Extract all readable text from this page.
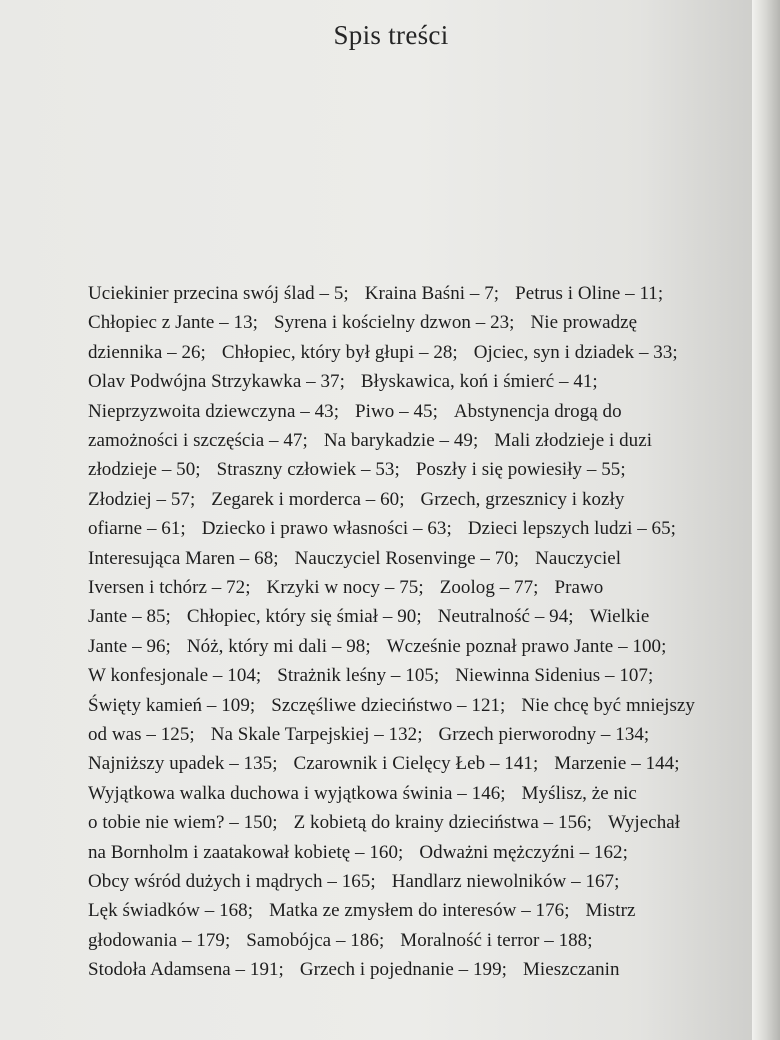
Spis treści
Uciekinier przecina swój ślad – 5; Kraina Baśni – 7; Petrus i Oline – 11;
Chłopiec z Jante – 13; Syrena i kościelny dzwon – 23; Nie prowadzę
dziennika – 26; Chłopiec, który był głupi – 28; Ojciec, syn i dziadek – 33;
Olav Podwójna Strzykawka – 37; Błyskawica, koń i śmierć – 41;
Nieprzyzwoita dziewczyna – 43; Piwo – 45; Abstynencja drogą do
zamożności i szczęścia – 47; Na barykadzie – 49; Mali złodzieje i duzi
złodzieje – 50; Straszny człowiek – 53; Poszły i się powiesiły – 55;
Złodziej – 57; Zegarek i morderca – 60; Grzech, grzesznicy i kozły
ofiarne – 61; Dziecko i prawo własności – 63; Dzieci lepszych ludzi – 65;
Interesująca Maren – 68; Nauczyciel Rosenvinge – 70; Nauczyciel
Iversen i tchórz – 72; Krzyki w nocy – 75; Zoolog – 77; Prawo
Jante – 85; Chłopiec, który się śmiał – 90; Neutralność – 94; Wielkie
Jante – 96; Nóż, który mi dali – 98; Wcześnie poznał prawo Jante – 100;
W konfesjonale – 104; Strażnik leśny – 105; Niewinna Sidenius – 107;
Święty kamień – 109; Szczęśliwe dzieciństwo – 121; Nie chcę być mniejszy
od was – 125; Na Skale Tarpejskiej – 132; Grzech pierworodny – 134;
Najniższy upadek – 135; Czarownik i Cielęcy Łeb – 141; Marzenie – 144;
Wyjątkowa walka duchowa i wyjątkowa świnia – 146; Myślisz, że nic
o tobie nie wiem? – 150; Z kobietą do krainy dzieciństwa – 156; Wyjechał
na Bornholm i zaatakował kobietę – 160; Odważni mężczyźni – 162;
Obcy wśród dużych i mądrych – 165; Handlarz niewolników – 167;
Lęk świadków – 168; Matka ze zmysłem do interesów – 176; Mistrz
głodowania – 179; Samobójca – 186; Moralność i terror – 188;
Stodoła Adamsena – 191; Grzech i pojednanie – 199; Mieszczanin
